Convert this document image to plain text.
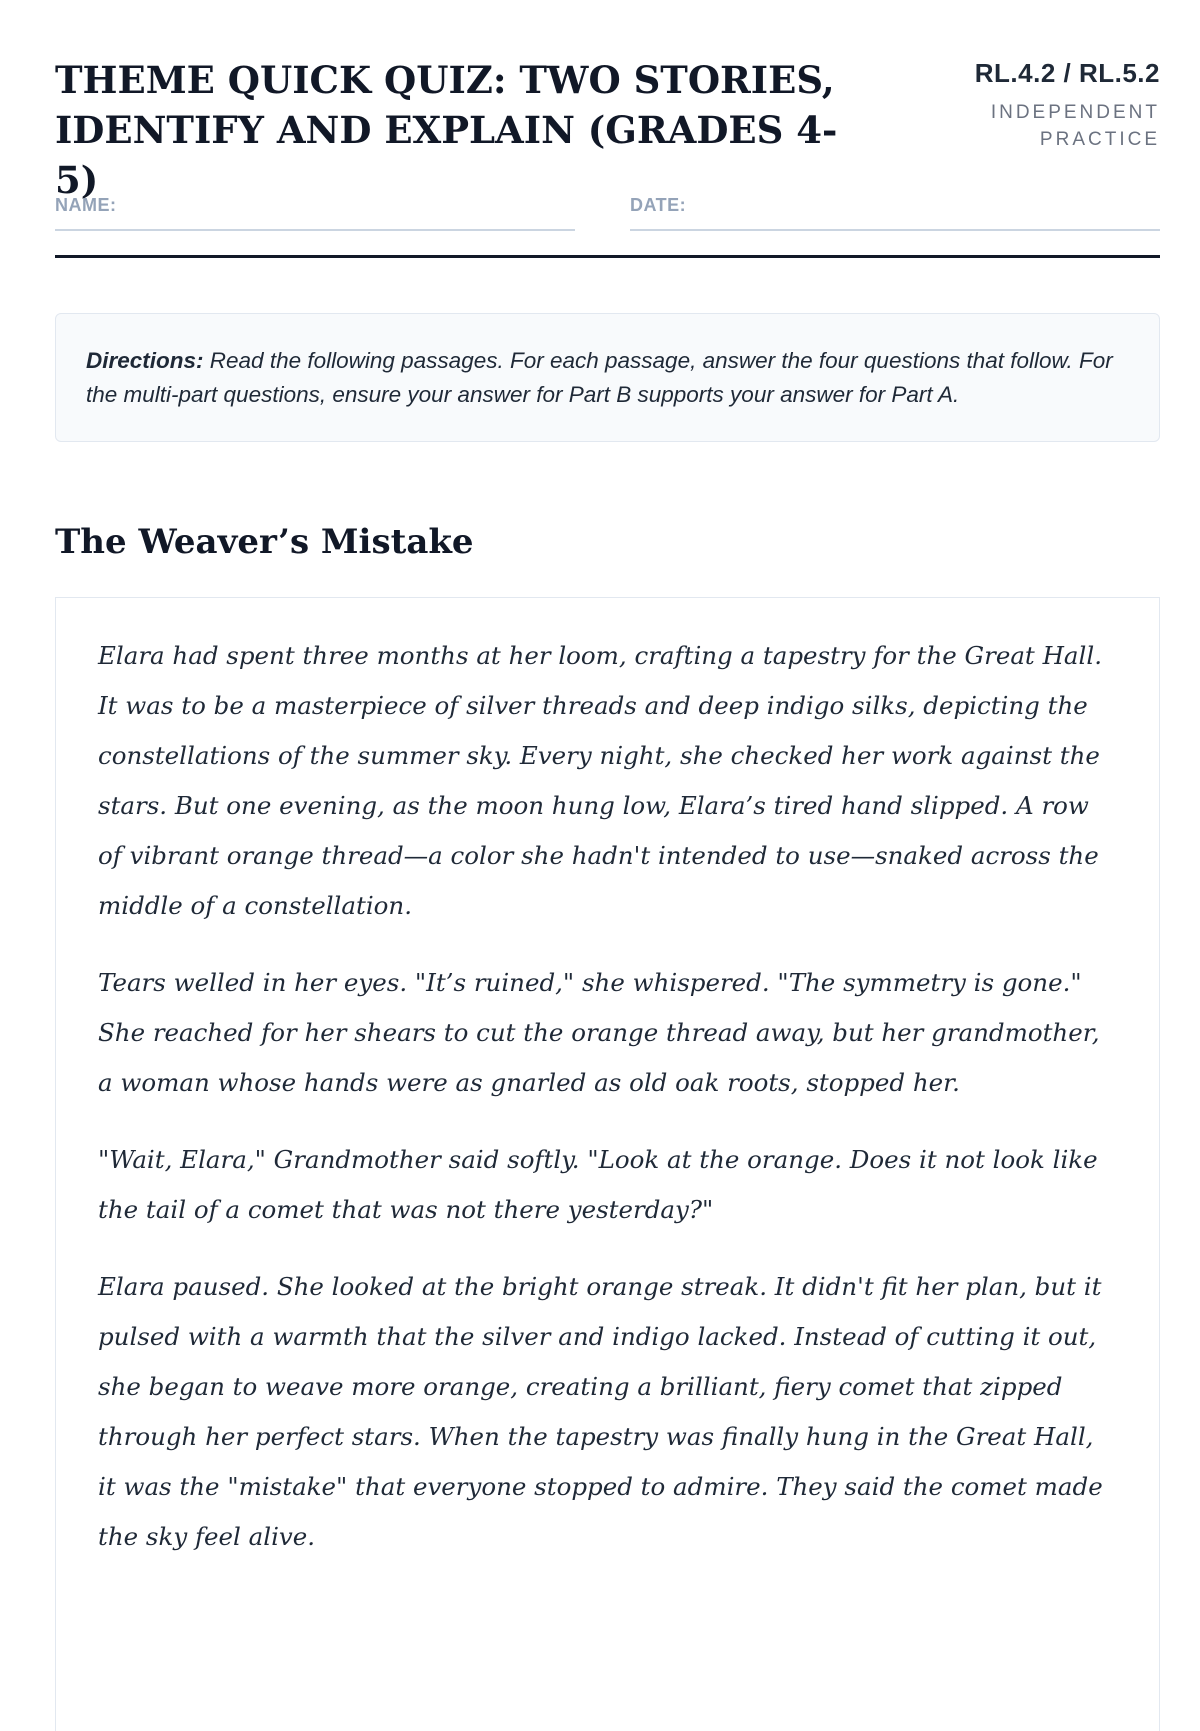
THEME QUICK QUIZ: TWO STORIES, IDENTIFY AND EXPLAIN (GRADES 4-5)
RL.4.2 / RL.5.2
INDEPENDENT PRACTICE
NAME:	DATE:
Directions: Read the following passages. For each passage, answer the four questions that follow. For the multi-part questions, ensure your answer for Part B supports your answer for Part A.
The Weaver’s Mistake

Elara had spent three months at her loom, crafting a tapestry for the Great Hall. It was to be a masterpiece of silver threads and deep indigo silks, depicting the constellations of the summer sky. Every night, she checked her work against the stars. But one evening, as the moon hung low, Elara’s tired hand slipped. A row of vibrant orange thread—a color she hadn't intended to use—snaked across the middle of a constellation.

Tears welled in her eyes. "It’s ruined," she whispered. "The symmetry is gone." She reached for her shears to cut the orange thread away, but her grandmother, a woman whose hands were as gnarled as old oak roots, stopped her.

"Wait, Elara," Grandmother said softly. "Look at the orange. Does it not look like the tail of a comet that was not there yesterday?"

Elara paused. She looked at the bright orange streak. It didn't fit her plan, but it pulsed with a warmth that the silver and indigo lacked. Instead of cutting it out, she began to weave more orange, creating a brilliant, fiery comet that zipped through her perfect stars. When the tapestry was finally hung in the Great Hall, it was the "mistake" that everyone stopped to admire. They said the comet made the sky feel alive.
